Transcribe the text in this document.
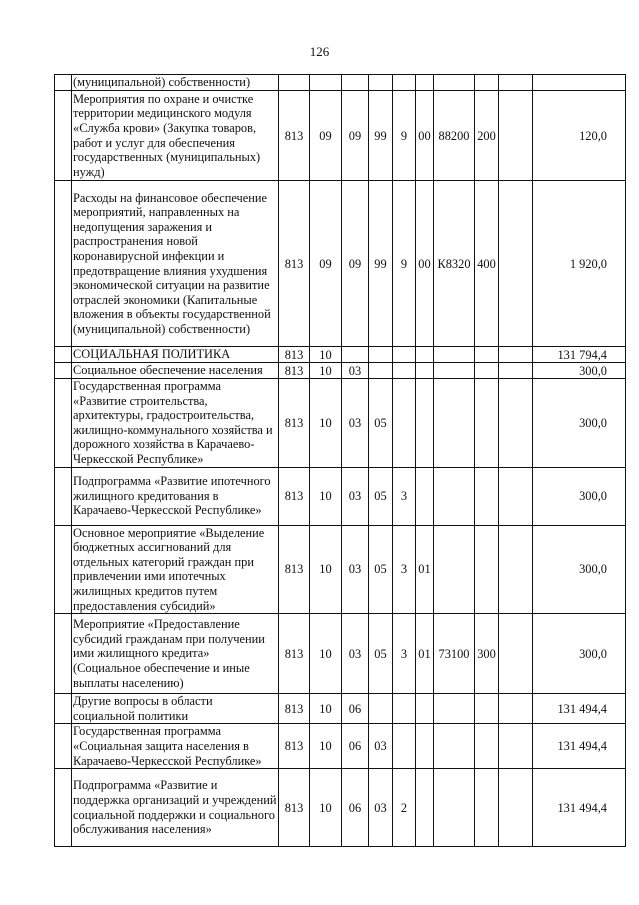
126
	(муниципальной) собственности)										
	Мероприятия по охране и очистке территории медицинского модуля «Служба крови» (Закупка товаров, работ и услуг для обеспечения государственных (муниципальных) нужд)	813	09	09	99	9	00	88200	200		120,0
	Расходы на финансовое обеспечение мероприятий, направленных на недопущения заражения и распространения новой коронавирусной инфекции и предотвращение влияния ухудшения экономической ситуации на развитие отраслей экономики (Капитальные вложения в объекты государственной (муниципальной) собственности)	813	09	09	99	9	00	К8320	400		1 920,0
	СОЦИАЛЬНАЯ ПОЛИТИКА	813	10								131 794,4
	Социальное обеспечение населения	813	10	03							300,0
	Государственная программа «Развитие строительства, архитектуры, градостроительства, жилищно-коммунального хозяйства и дорожного хозяйства в Карачаево-Черкесской Республике»	813	10	03	05						300,0
	Подпрограмма «Развитие ипотечного жилищного кредитования в Карачаево-Черкесской Республике»	813	10	03	05	3					300,0
	Основное мероприятие «Выделение бюджетных ассигнований для отдельных категорий граждан при привлечении ими ипотечных жилищных кредитов путем предоставления субсидий»	813	10	03	05	3	01				300,0
	Мероприятие «Предоставление субсидий гражданам при получении ими жилищного кредита» (Социальное обеспечение и иные выплаты населению)	813	10	03	05	3	01	73100	300		300,0
	Другие вопросы в области социальной политики	813	10	06							131 494,4
	Государственная программа «Социальная защита населения в Карачаево-Черкесской Республике»	813	10	06	03						131 494,4
	Подпрограмма «Развитие и поддержка организаций и учреждений социальной поддержки и социального обслуживания населения»	813	10	06	03	2					131 494,4
